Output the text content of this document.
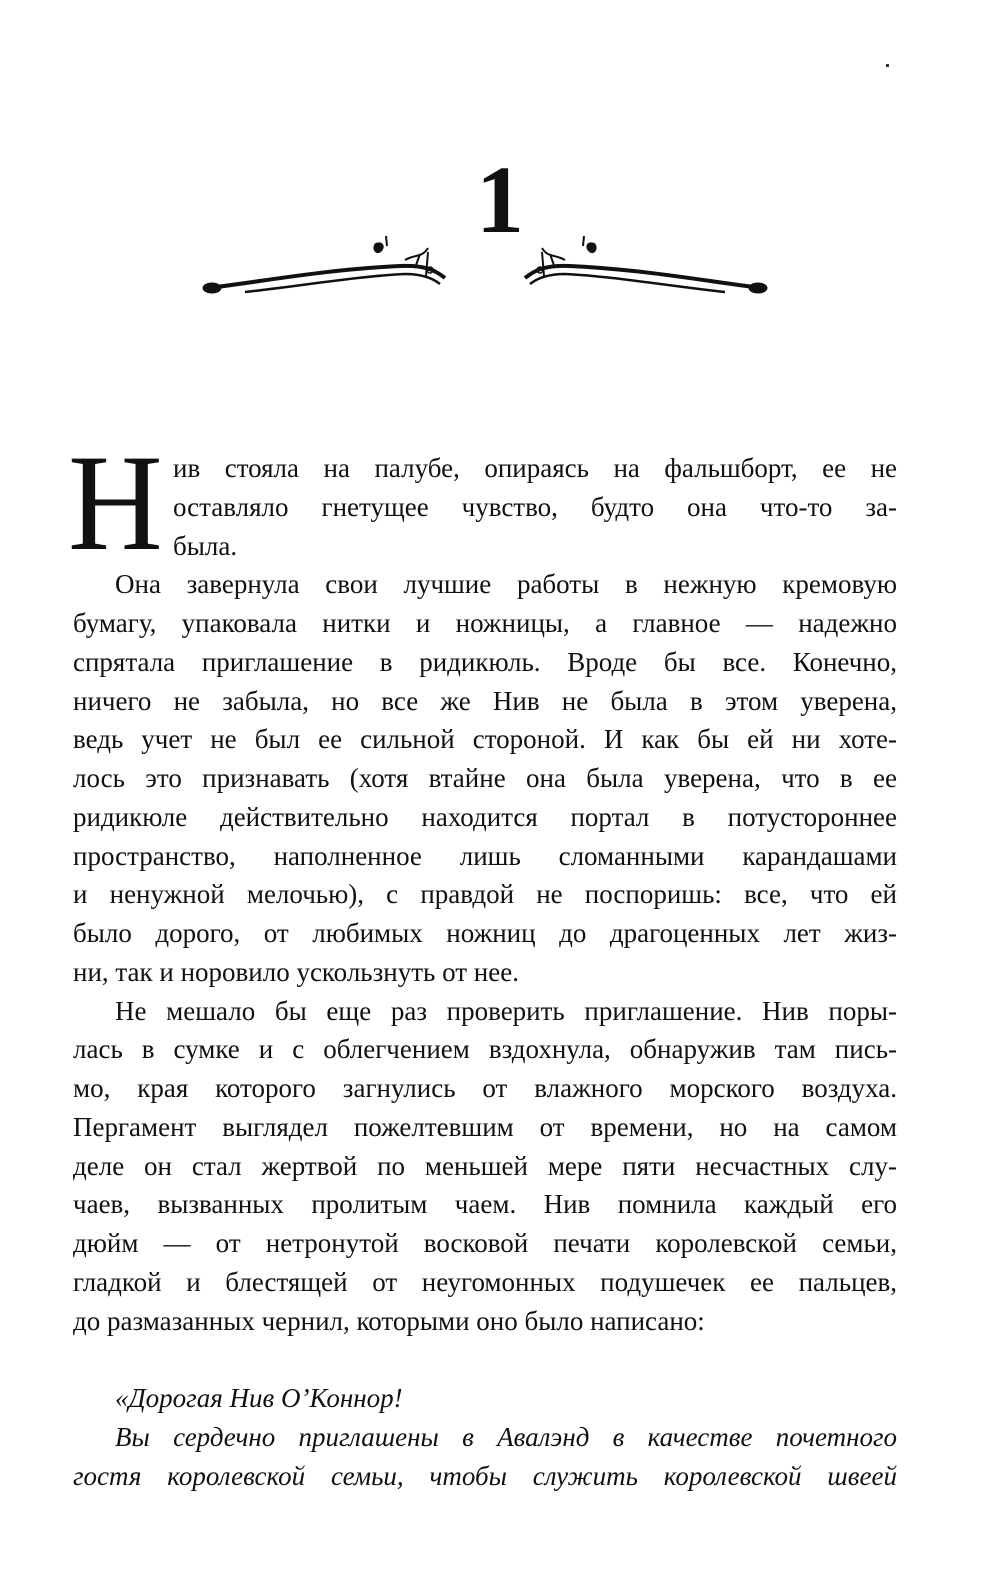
1
Н ив стояла на палубе, опираясь на фальшборт, ее не
оставляло гнетущее чувство, будто она что-то за-
была.
Она завернула свои лучшие работы в нежную кремовую
бумагу, упаковала нитки и ножницы, а главное — надежно
спрятала приглашение в ридикюль. Вроде бы все. Конечно,
ничего не забыла, но все же Нив не была в этом уверена,
ведь учет не был ее сильной стороной. И как бы ей ни хоте-
лось это признавать (хотя втайне она была уверена, что в ее
ридикюле действительно находится портал в потустороннее
пространство, наполненное лишь сломанными карандашами
и ненужной мелочью), с правдой не поспоришь: все, что ей
было дорого, от любимых ножниц до драгоценных лет жиз-
ни, так и норовило ускользнуть от нее.
Не мешало бы еще раз проверить приглашение. Нив поры-
лась в сумке и с облегчением вздохнула, обнаружив там пись-
мо, края которого загнулись от влажного морского воздуха.
Пергамент выглядел пожелтевшим от времени, но на самом
деле он стал жертвой по меньшей мере пяти несчастных слу-
чаев, вызванных пролитым чаем. Нив помнила каждый его
дюйм — от нетронутой восковой печати королевской семьи,
гладкой и блестящей от неугомонных подушечек ее пальцев,
до размазанных чернил, которыми оно было написано:
«Дорогая Нив О’Коннор!
Вы сердечно приглашены в Авалэнд в качестве почетного
гостя королевской семьи, чтобы служить королевской швеей
